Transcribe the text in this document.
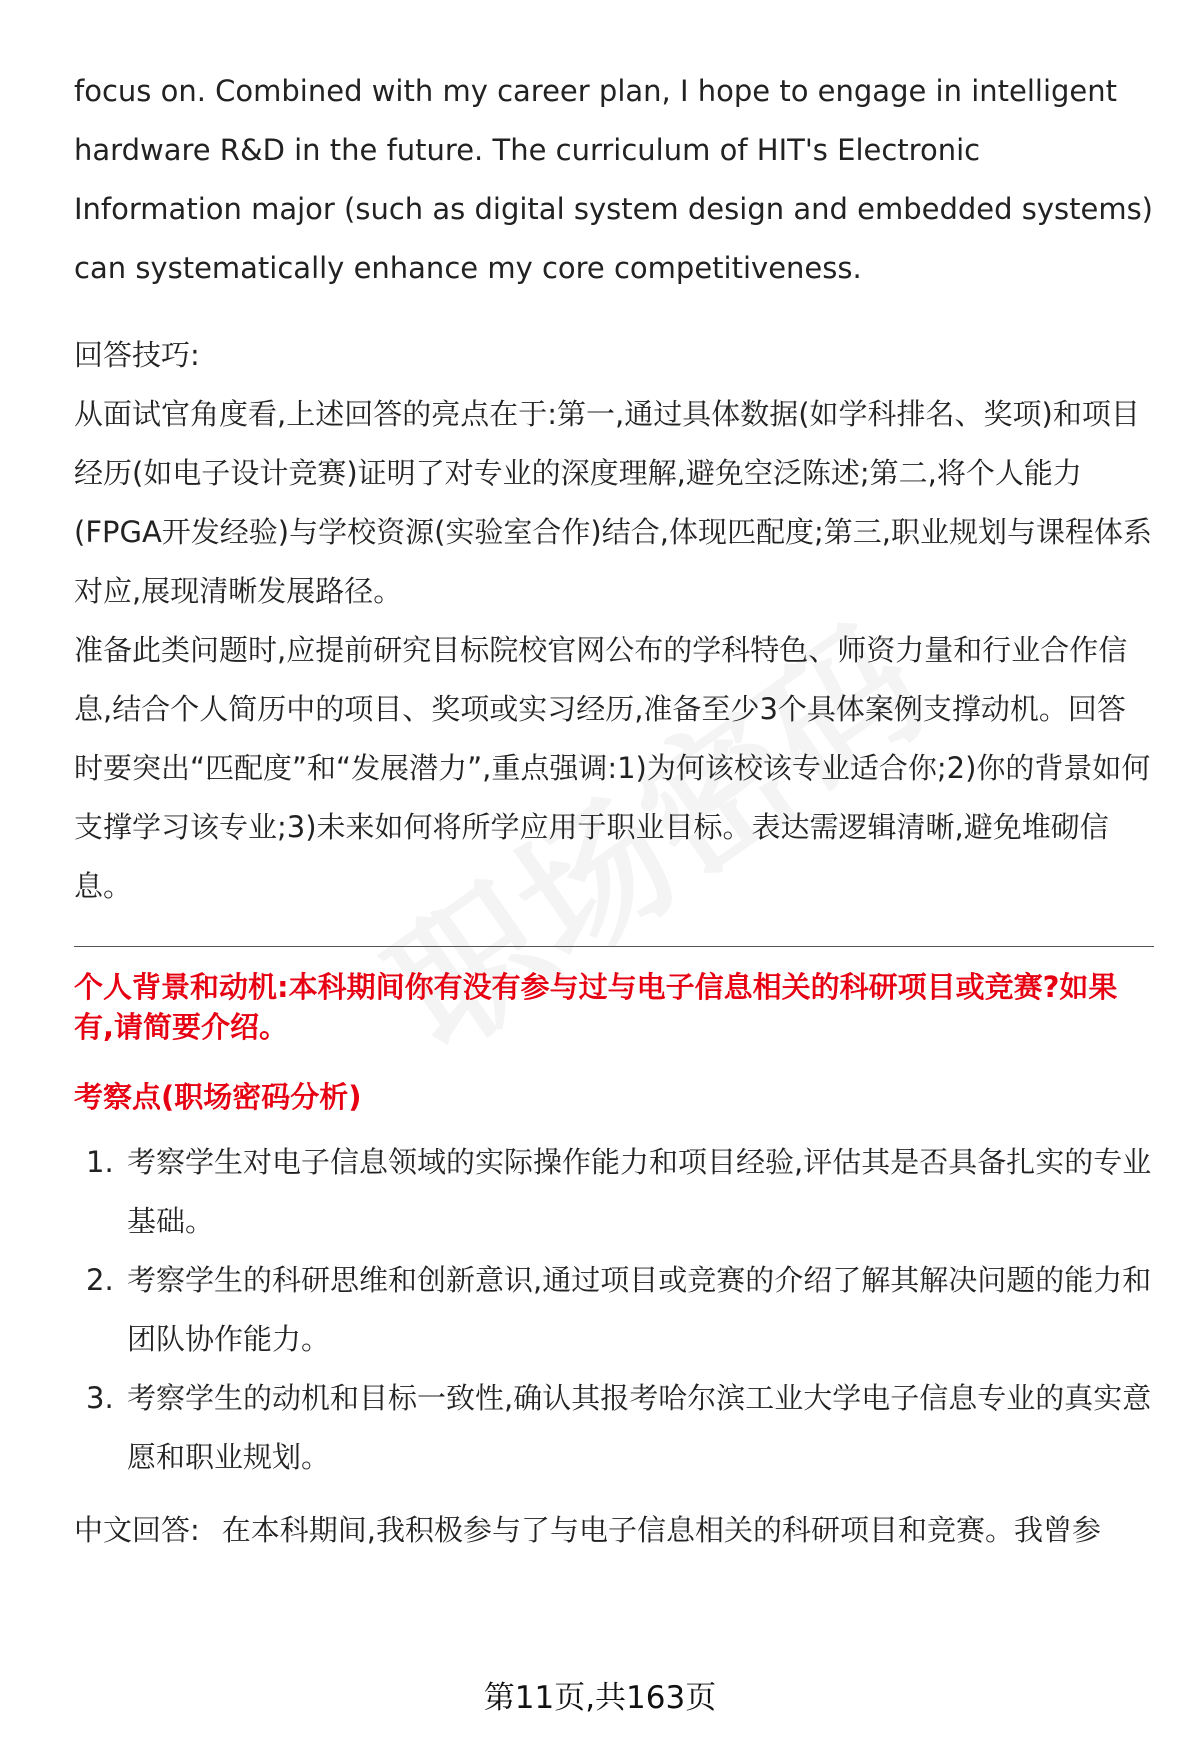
focus on. Combined with my career plan, I hope to engage in intelligent hardware R&D in the future. The curriculum of HIT's Electronic Information major (such as digital system design and embedded systems) can systematically enhance my core competitiveness.

回答技巧:

从面试官角度看,上述回答的亮点在于:第一,通过具体数据(如学科排名、奖项)和项目经历(如电子设计竞赛)证明了对专业的深度理解,避免空泛陈述;第二,将个人能力(FPGA开发经验)与学校资源(实验室合作)结合,体现匹配度;第三,职业规划与课程体系对应,展现清晰发展路径。

准备此类问题时,应提前研究目标院校官网公布的学科特色、师资力量和行业合作信息,结合个人简历中的项目、奖项或实习经历,准备至少3个具体案例支撑动机。回答时要突出“匹配度”和“发展潜力”,重点强调:1)为何该校该专业适合你;2)你的背景如何支撑学习该专业;3)未来如何将所学应用于职业目标。表达需逻辑清晰,避免堆砌信息。

个人背景和动机:本科期间你有没有参与过与电子信息相关的科研项目或竞赛?如果有,请简要介绍。

考察点(职场密码分析)

1. 考察学生对电子信息领域的实际操作能力和项目经验,评估其是否具备扎实的专业基础。
2. 考察学生的科研思维和创新意识,通过项目或竞赛的介绍了解其解决问题的能力和团队协作能力。
3. 考察学生的动机和目标一致性,确认其报考哈尔滨工业大学电子信息专业的真实意愿和职业规划。

中文回答: 在本科期间,我积极参与了与电子信息相关的科研项目和竞赛。我曾参

第11页,共163页
